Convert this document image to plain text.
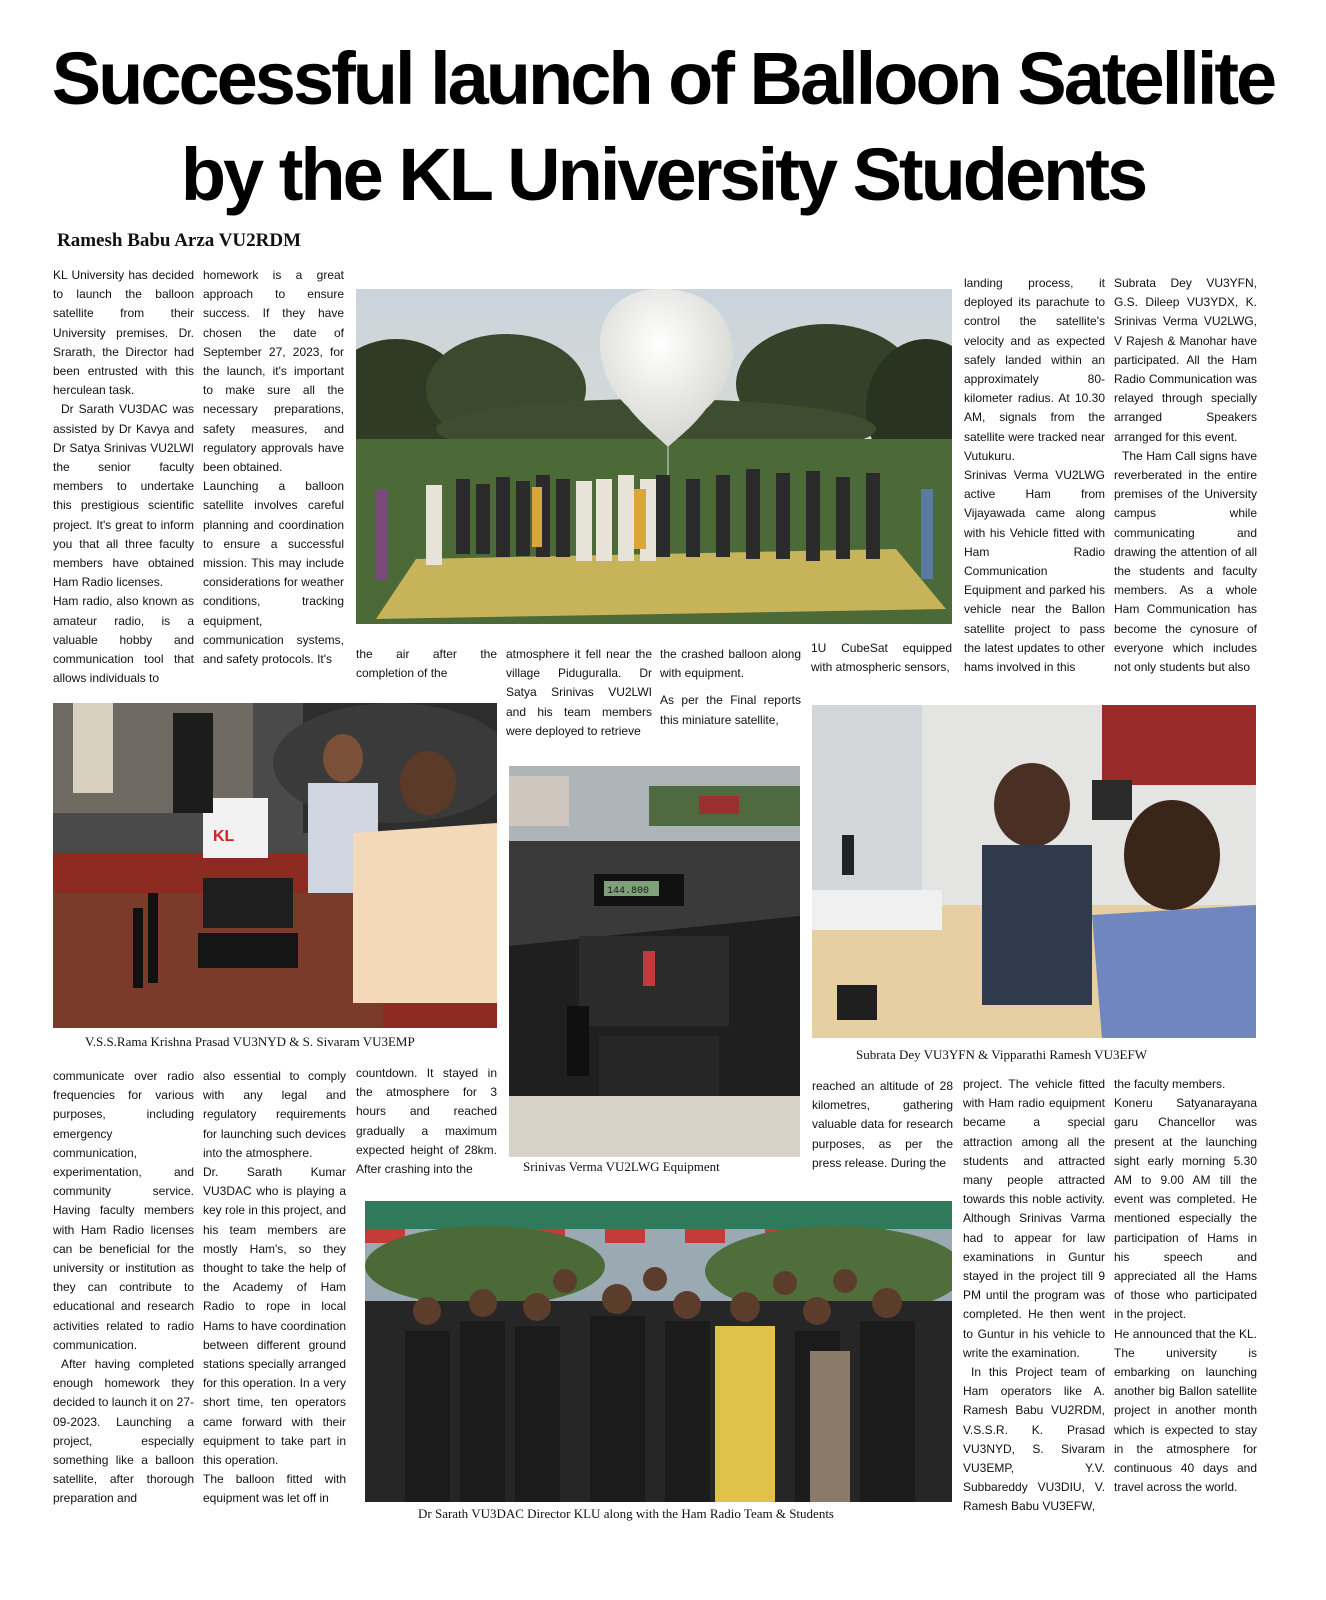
Successful launch of Balloon Satellite
by the KL University Students
Ramesh Babu Arza VU2RDM

KL University has decided to launch the balloon satellite from their University premises. Dr. Srarath, the Director had been entrusted with this herculean task.

Dr Sarath VU3DAC was assisted by Dr Kavya and Dr Satya Srinivas VU2LWI the senior faculty members to undertake this prestigious scientific project. It's great to inform you that all three faculty members have obtained Ham Radio licenses.

Ham radio, also known as amateur radio, is a valuable hobby and communication tool that allows individuals to

homework is a great approach to ensure success. If they have chosen the date of September 27, 2023, for the launch, it's important to make sure all the necessary preparations, safety measures, and regulatory approvals have been obtained.

Launching a balloon satellite involves careful planning and coordination to ensure a successful mission. This may include considerations for weather conditions, tracking equipment, communication systems, and safety protocols. It's	the air after the completion of the

atmosphere it fell near the village Piduguralla. Dr Satya Srinivas VU2LWI and his team members were deployed to retrieve

the crashed balloon along with equipment.

As per the Final reports this miniature satellite,

1U CubeSat equipped with atmospheric sensors,

landing process, it deployed its parachute to control the satellite's velocity and as expected safely landed within an approximately 80-kilometer radius. At 10.30 AM, signals from the satellite were tracked near Vutukuru.

Srinivas Verma VU2LWG active Ham from Vijayawada came along with his Vehicle fitted with Ham Radio Communication Equipment and parked his vehicle near the Ballon satellite project to pass the latest updates to other hams involved in this

Subrata Dey VU3YFN, G.S. Dileep VU3YDX, K. Srinivas Verma VU2LWG, V Rajesh & Manohar have participated. All the Ham Radio Communication was relayed through specially arranged Speakers arranged for this event.

The Ham Call signs have reverberated in the entire premises of the University campus while communicating and drawing the attention of all the students and faculty members. As a whole Ham Communication has become the cynosure of everyone which includes not only students but also

KL
V.S.S.Rama Krishna Prasad VU3NYD & S. Sivaram VU3EMP
144.800
Srinivas Verma VU2LWG Equipment
Subrata Dey VU3YFN & Vipparathi Ramesh VU3EFW
Dr Sarath VU3DAC Director KLU along with the Ham Radio Team & Students

communicate over radio frequencies for various purposes, including emergency communication, experimentation, and community service. Having faculty members with Ham Radio licenses can be beneficial for the university or institution as they can contribute to educational and research activities related to radio communication.

After having completed enough homework they decided to launch it on 27-09-2023. Launching a project, especially something like a balloon satellite, after thorough preparation and

also essential to comply with any legal and regulatory requirements for launching such devices into the atmosphere.

Dr. Sarath Kumar VU3DAC who is playing a key role in this project, and his team members are mostly Ham's, so they thought to take the help of the Academy of Ham Radio to rope in local Hams to have coordination between different ground stations specially arranged for this operation. In a very short time, ten operators came forward with their equipment to take part in this operation.

The balloon fitted with equipment was let off in

countdown. It stayed in the atmosphere for 3 hours and reached gradually a maximum expected height of 28km. After crashing into the

reached an altitude of 28 kilometres, gathering valuable data for research purposes, as per the press release. During the

project. The vehicle fitted with Ham radio equipment became a special attraction among all the students and attracted many people attracted towards this noble activity. Although Srinivas Varma had to appear for law examinations in Guntur stayed in the project till 9 PM until the program was completed. He then went to Guntur in his vehicle to write the examination.

In this Project team of Ham operators like A. Ramesh Babu VU2RDM, V.S.S.R. K. Prasad VU3NYD, S. Sivaram VU3EMP, Y.V. Subbareddy VU3DIU, V. Ramesh Babu VU3EFW,

the faculty members.

Koneru Satyanarayana garu Chancellor was present at the launching sight early morning 5.30 AM to 9.00 AM till the event was completed. He mentioned especially the participation of Hams in his speech and appreciated all the Hams of those who participated in the project.

He announced that the KL. The university is embarking on launching another big Ballon satellite project in another month which is expected to stay in the atmosphere for continuous 40 days and travel across the world.
